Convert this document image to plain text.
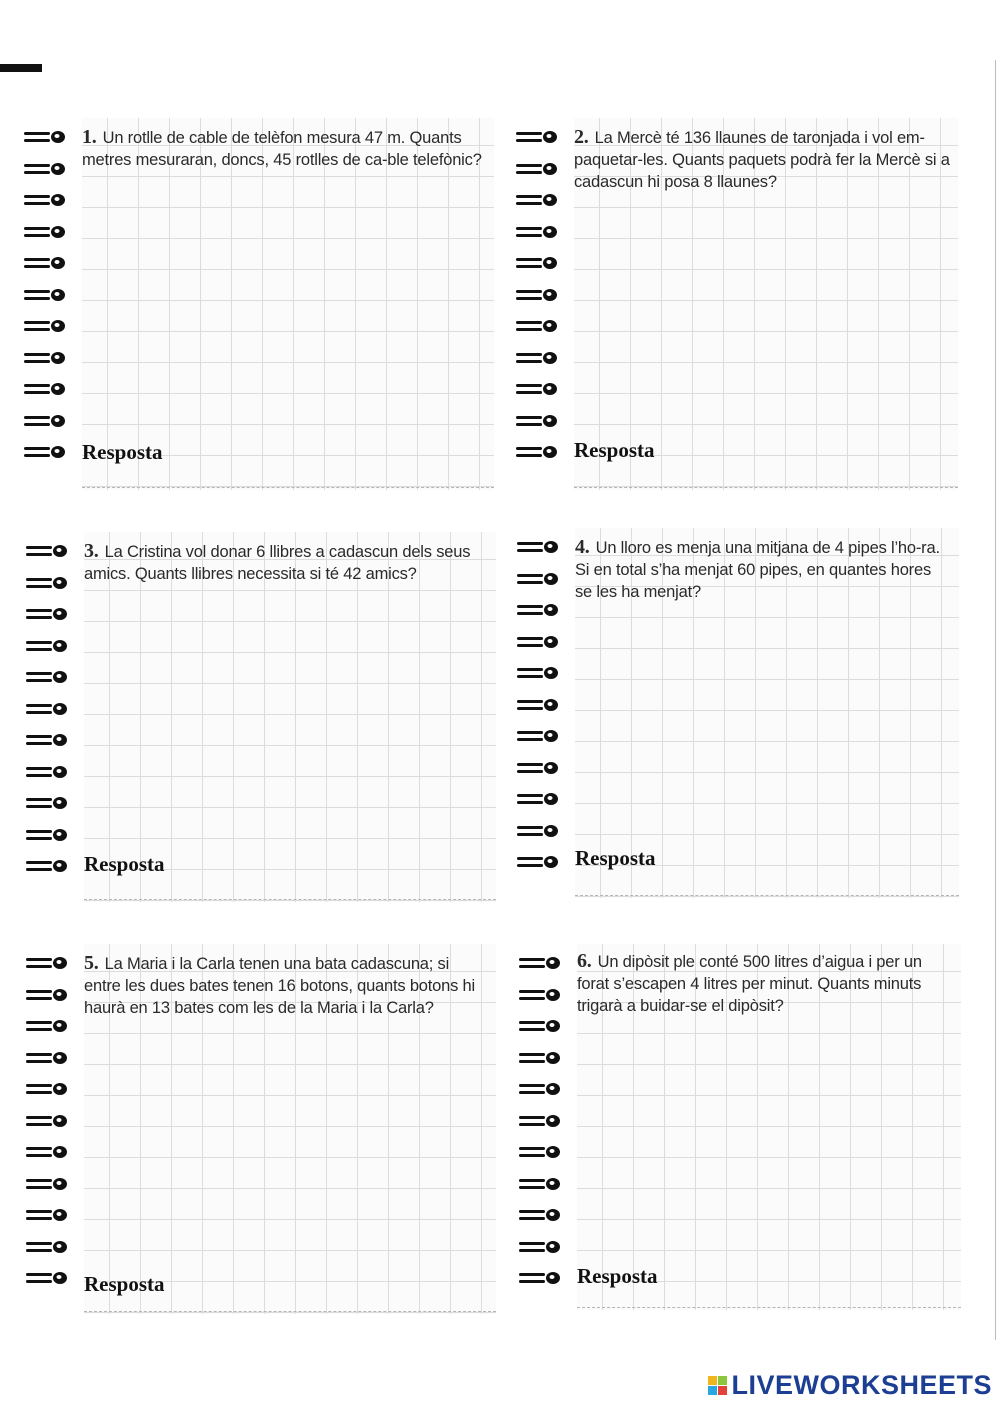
1. Un rotlle de cable de telèfon mesura 47 m. Quants metres mesuraran, doncs, 45 rotlles de ca-ble telefònic?
Resposta
2. La Mercè té 136 llaunes de taronjada i vol em-paquetar-les. Quants paquets podrà fer la Mercè si a cadascun hi posa 8 llaunes?
Resposta
3. La Cristina vol donar 6 llibres a cadascun dels seus amics. Quants llibres necessita si té 42 amics?
Resposta
4. Un lloro es menja una mitjana de 4 pipes l’ho-ra. Si en total s’ha menjat 60 pipes, en quantes hores se les ha menjat?
Resposta
5. La Maria i la Carla tenen una bata cadascuna; si entre les dues bates tenen 16 botons, quants botons hi haurà en 13 bates com les de la Maria i la Carla?
Resposta
6. Un dipòsit ple conté 500 litres d’aigua i per un forat s’escapen 4 litres per minut. Quants minuts trigarà a buidar-se el dipòsit?
Resposta
LIVEWORKSHEETS
